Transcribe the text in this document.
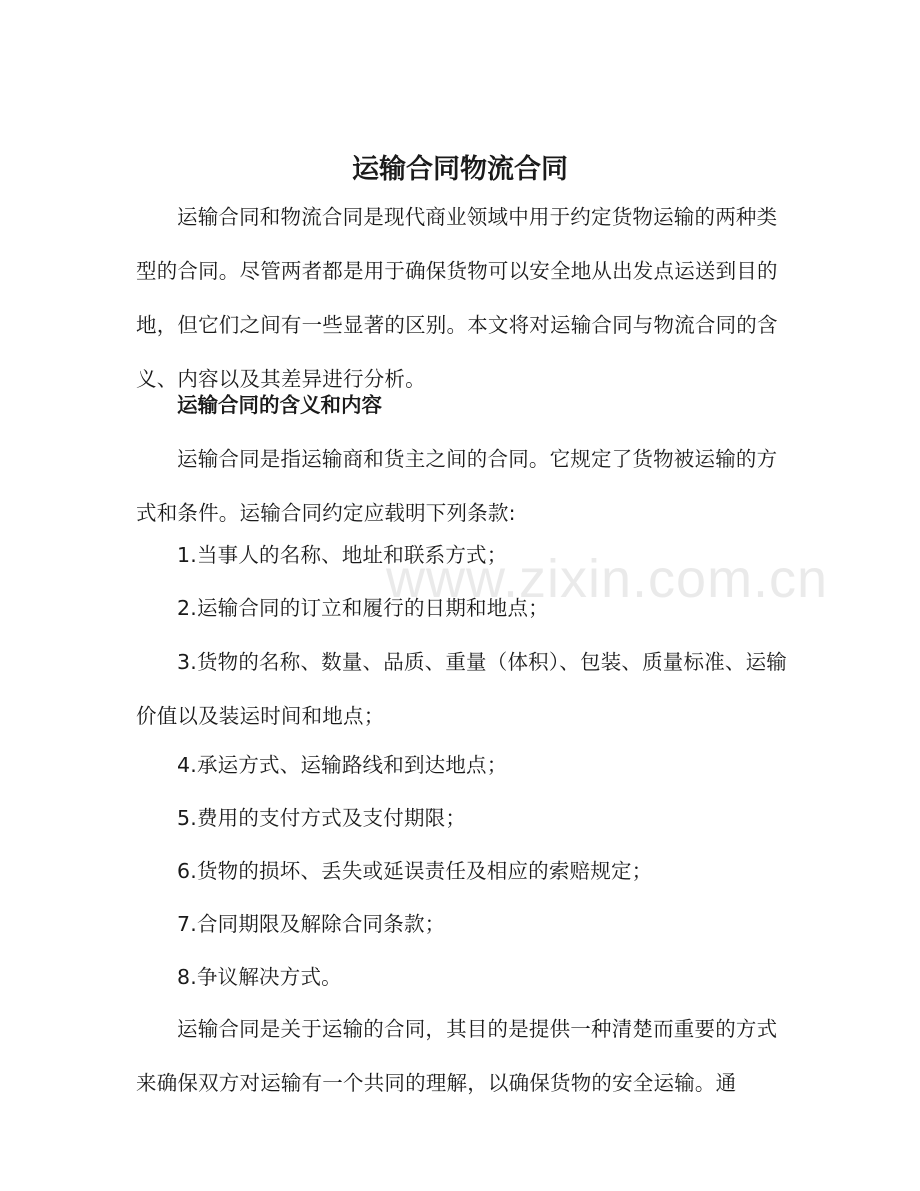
运输合同物流合同

运输合同和物流合同是现代商业领域中用于约定货物运输的两种类型的合同。尽管两者都是用于确保货物可以安全地从出发点运送到目的地，但它们之间有一些显著的区别。本文将对运输合同与物流合同的含义、内容以及其差异进行分析。

运输合同的含义和内容

运输合同是指运输商和货主之间的合同。它规定了货物被运输的方式和条件。运输合同约定应载明下列条款:

1.当事人的名称、地址和联系方式；

2.运输合同的订立和履行的日期和地点；

3.货物的名称、数量、品质、重量（体积）、包装、质量标准、运输价值以及装运时间和地点；

4.承运方式、运输路线和到达地点；

5.费用的支付方式及支付期限；

6.货物的损坏、丢失或延误责任及相应的索赔规定；

7.合同期限及解除合同条款；

8.争议解决方式。

运输合同是关于运输的合同，其目的是提供一种清楚而重要的方式来确保双方对运输有一个共同的理解，以确保货物的安全运输。通

www.zixin.com.cn
